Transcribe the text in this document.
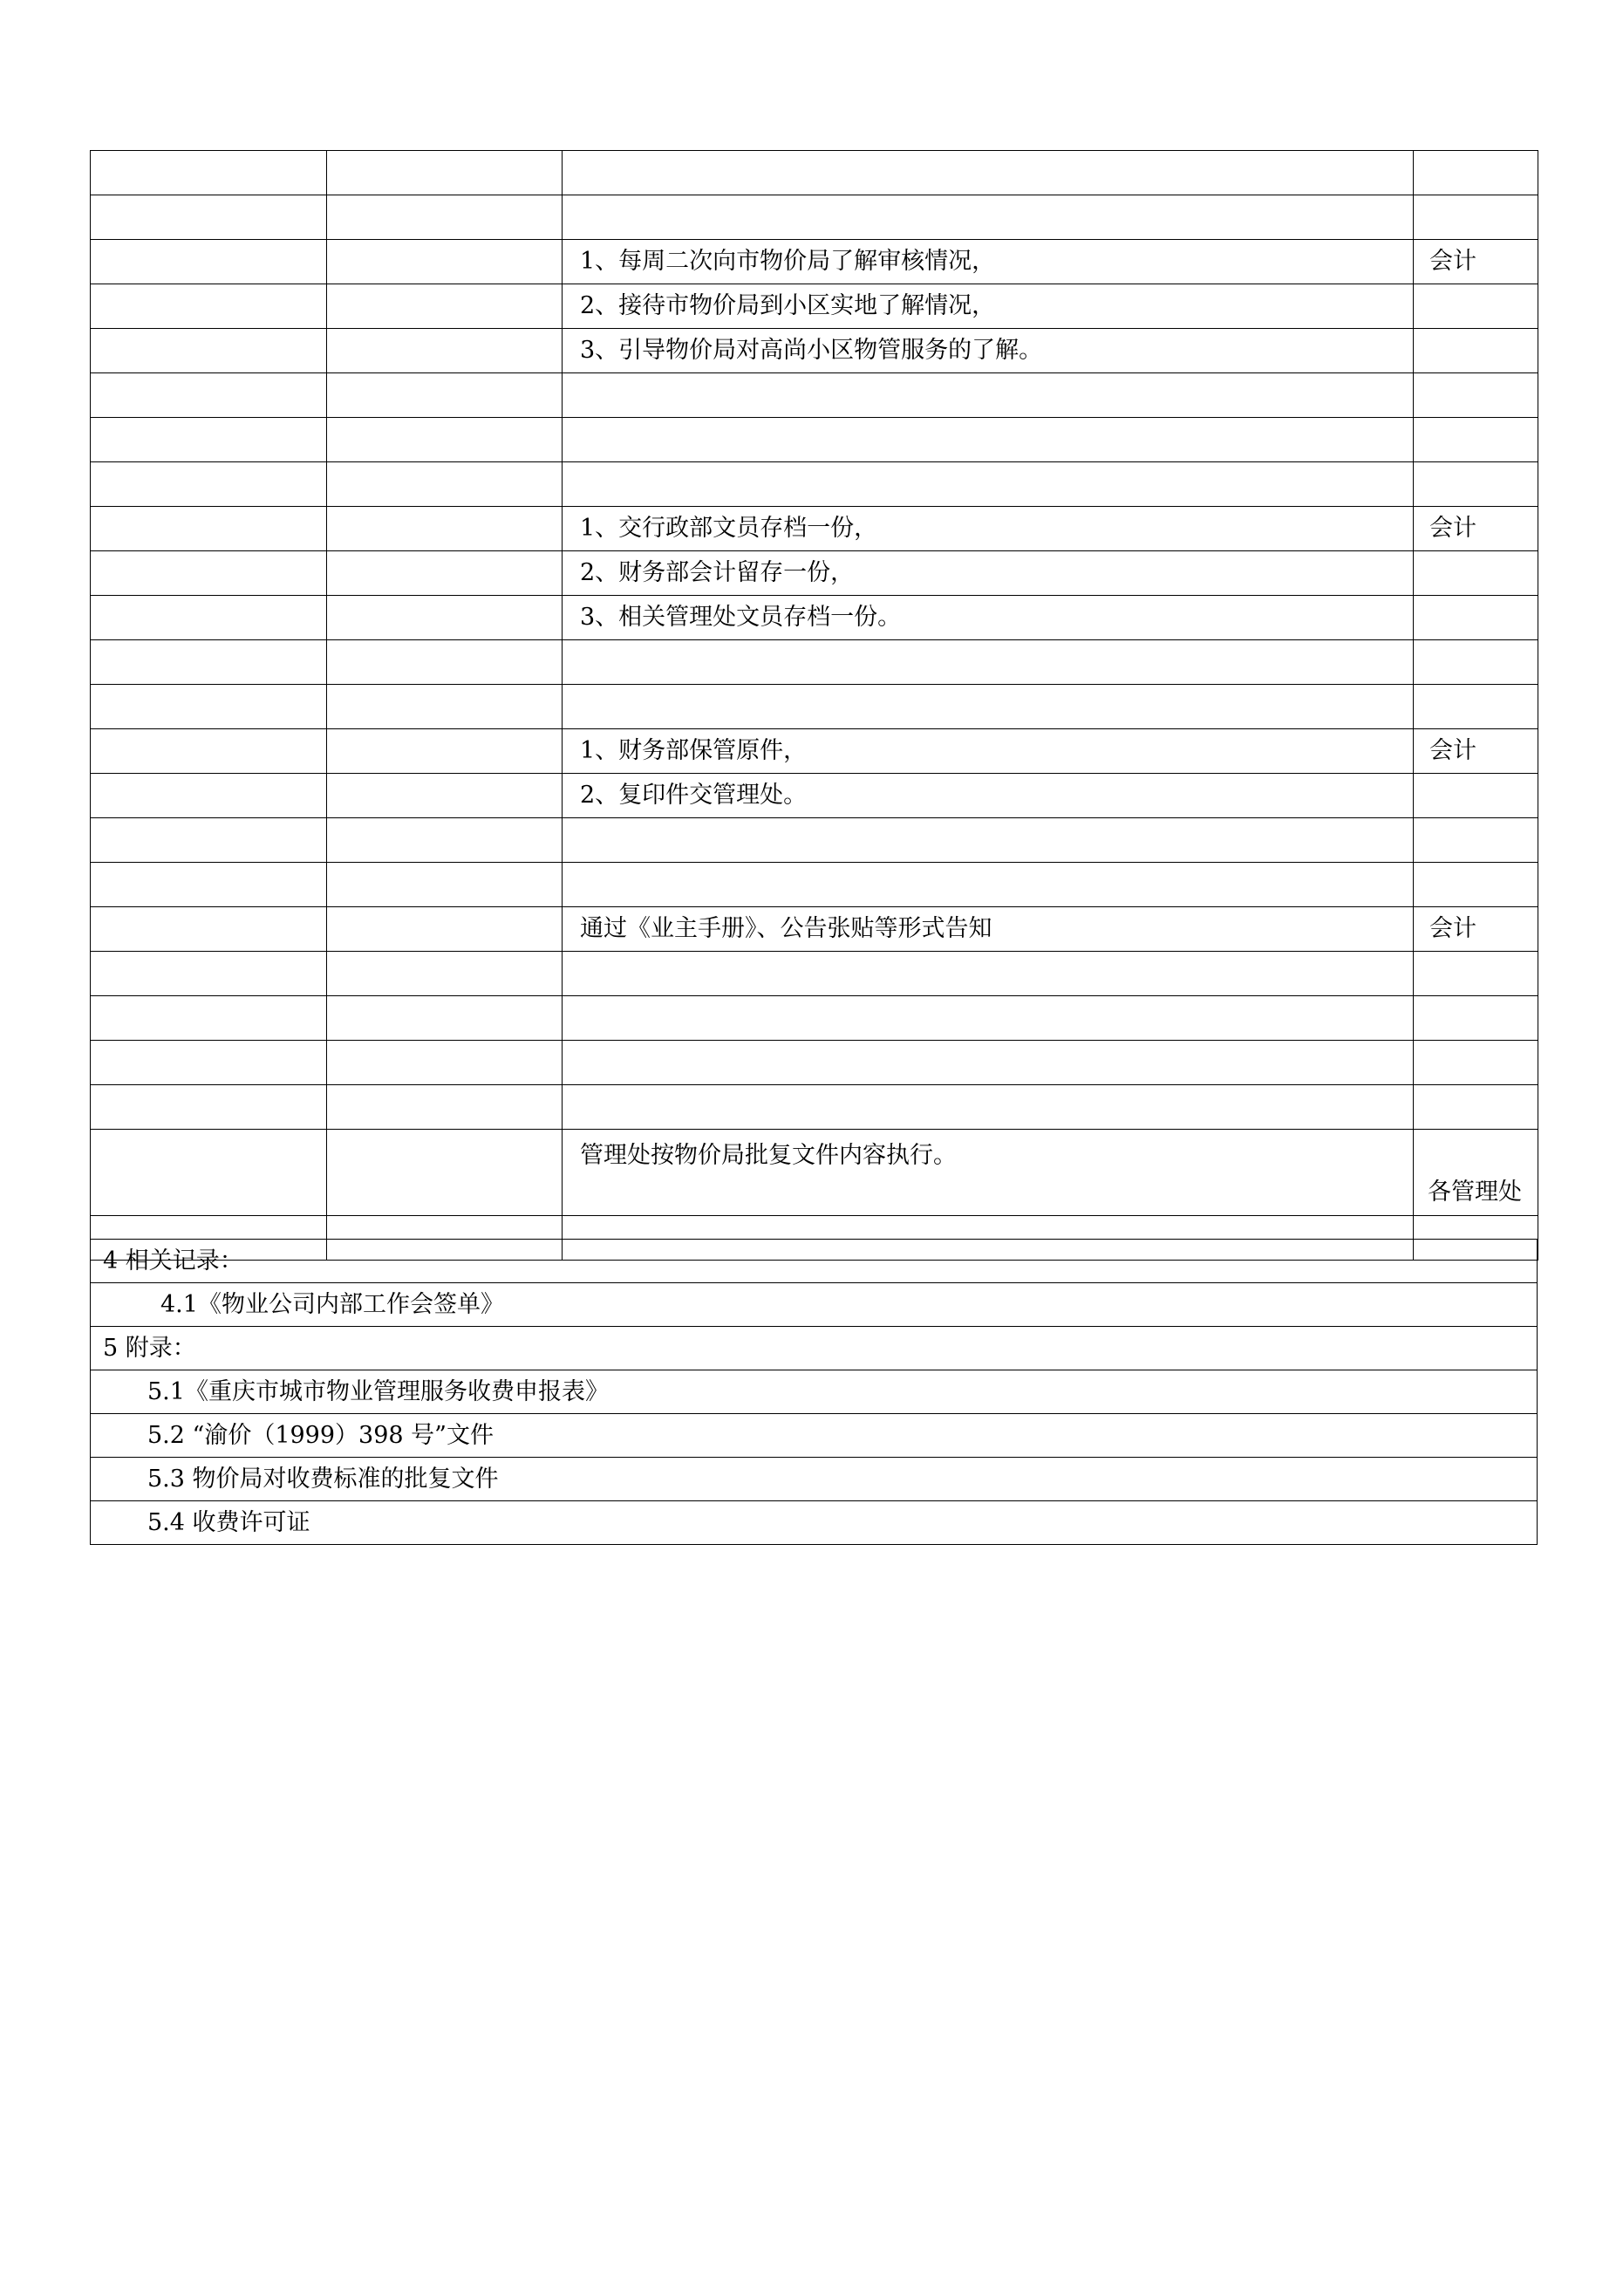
		1、每周二次向市物价局了解审核情况，	会计
		2、接待市物价局到小区实地了解情况，	
		3、引导物价局对高尚小区物管服务的了解。	

		1、交行政部文员存档一份，	会计
		2、财务部会计留存一份，	
		3、相关管理处文员存档一份。	

		1、财务部保管原件，	会计
		2、复印件交管理处。	

		通过《业主手册》、公告张贴等形式告知	会计

		管理处按物价局批复文件内容执行。	各管理处

4 相关记录：
4.1《物业公司内部工作会签单》
5 附录：
5.1《重庆市城市物业管理服务收费申报表》
5.2 “渝价（1999）398 号”文件
5.3 物价局对收费标准的批复文件
5.4 收费许可证
